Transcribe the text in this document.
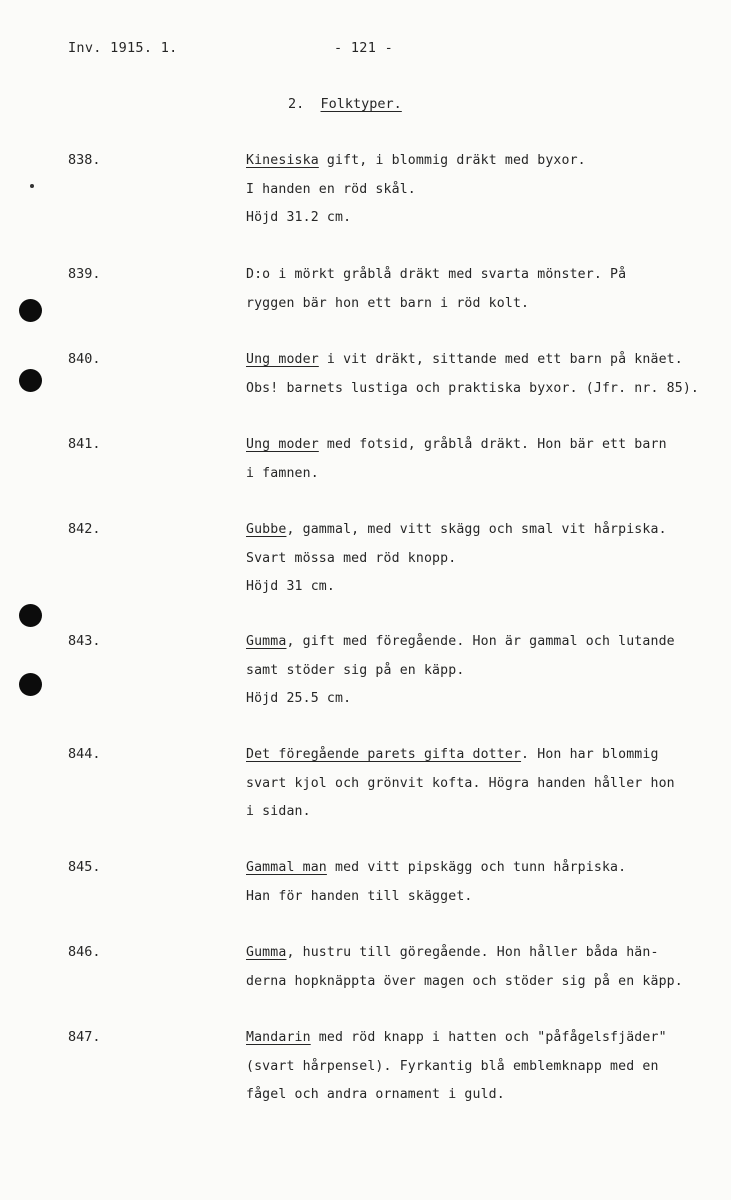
Inv. 1915. 1.	- 121 -
2. Folktyper.
838.	Kinesiska gift, i blommig dräkt med byxor.
I handen en röd skål.
Höjd 31.2 cm.
839.	D:o i mörkt gråblå dräkt med svarta mönster. På
ryggen bär hon ett barn i röd kolt.
840.	Ung moder i vit dräkt, sittande med ett barn på knäet.
Obs! barnets lustiga och praktiska byxor. (Jfr. nr. 85).
841.	Ung moder med fotsid, gråblå dräkt. Hon bär ett barn
i famnen.
842.	Gubbe, gammal, med vitt skägg och smal vit hårpiska.
Svart mössa med röd knopp.
Höjd 31 cm.
843.	Gumma, gift med föregående. Hon är gammal och lutande
samt stöder sig på en käpp.
Höjd 25.5 cm.
844.	Det föregående parets gifta dotter. Hon har blommig
svart kjol och grönvit kofta. Högra handen håller hon
i sidan.
845.	Gammal man med vitt pipskägg och tunn hårpiska.
Han för handen till skägget.
846.	Gumma, hustru till göregående. Hon håller båda hän-
derna hopknäppta över magen och stöder sig på en käpp.
847.	Mandarin med röd knapp i hatten och "påfågelsfjäder"
(svart hårpensel). Fyrkantig blå emblemknapp med en
fågel och andra ornament i guld.
